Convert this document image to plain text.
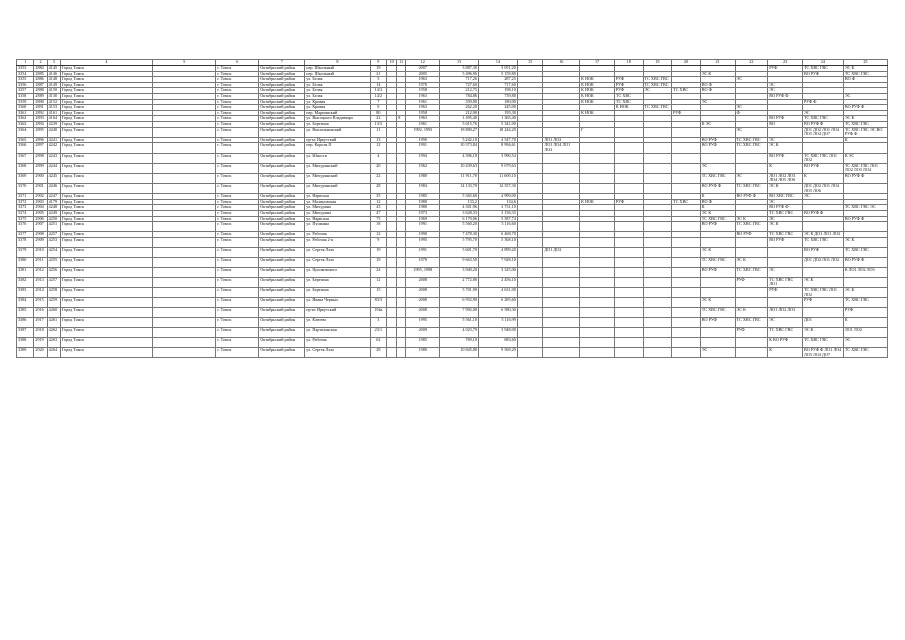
1	2	3	4	5	6	7	8	9	10	11	12	13	14	15	16	17	18	19	20	21	22	23	24	25
3353	2884	4145	Город Томск		г. Томск	Октябрьский район	пер. Школьный	19			2007	3 887,30	3 051,20									РУФ	ТС ХВС ГВС	ЭС К
3354	2885	4146	Город Томск		г. Томск	Октябрьский район	пер. Школьный	21			2005	5 496,96	5 159,80							ЭС К			ВО РУФ	ТС ХВС ГВС
3355	2886	4148	Город Томск		г. Томск	Октябрьский район	ул. Белая	5			1963	717,26	287,25			К НОК	РУФ	ТС ХВС ГВС			ЭС			ВО Ф
3356	2887	4149	Город Томск		г. Томск	Октябрьский район	ул. Белая	14			1970	727,60	717,60			К НОК	РУФ	ТС ХВС ГВС		ВО Ф		ЭС		
3357	2888	4150	Город Томск		г. Томск	Октябрьский район	ул. Белая	14/3			1958	212,75	198,10			К НОК	РУФ	ЭС	ТС ХВС	ВО Ф		ЭС		
3358	2889	4130	Город Томск		г. Томск	Октябрьский район	ул. Белая	14/2			1963	784,86	739,80			К НОК	ТС ХВС					ВО РУФ Ф		ЭС
3359	2890	4152	Город Томск		г. Томск	Октябрьский район	ул. Кривая	7			1961	359,80	180,00			К НОК	ТС ХВС			ЭС			РУФ Ф	
3360	2891	4153	Город Томск		г. Томск	Октябрьский район	ул. Кривая	9			1963	262,20	245,00				К НОК	ТС ХВС ГВС			ЭС			ВО РУФ Ф
3361	2892	4161	Город Томск		г. Томск	Октябрьский район	пер. Мариинский	80			1958	212,90	195,30			К НОК			РУФ		Ф		ЭС	
3362	2893	4164	Город Томск		г. Томск	Октябрьский район	ул. Высоцкого Владимира	22		8	1963	1 495,40	1 365,40									ВО РУФ	ТС ХВС ГВС	ЭС К
3363	2894	4239	Город Томск		г. Томск	Октябрьский район	ул. Березина	13/3			1961	5 615,76	5 341,00							К ЭС		ВО	ВО РУФ Ф	ТС ХВС ГВС
3364	2895	4240	Город Томск		г. Томск	Октябрьский район	ул. Вокзальновский	11			1992, 1993	18 800,27	18 244,29			Г					ЭС		ДО1 ДО2 ЛО1 ЛО4 ЛО5 ЛО4 ДО7	ТС ХВС ГВС ЭС ВО РУФ Ф
3365	2896	4241	Город Томск		г. Томск	Октябрьский район	пр-кт Иркутский	13			1990	5 242,10	4 547,70		ЛО1 ЛО2					ВО РУФ	ТС ХВС ГВС	ЭС		К
3366	2897	4242	Город Томск		г. Томск	Октябрьский район	пер. Короля II	12			1991	10 373,84	8 994,61		ЛО1 ЛО4 ЛО1 ЛО2					ВО РУФ	ТС ХВС ГВС	ЭС К		
3367	2898	4243	Город Томск		г. Томск	Октябрьский район	ул. Юности	4			1994	4 396,18	3 990,54									ВО РУФ	ТС ХВС ГВС ЛО1 ЛО2	К ЭС
3368	2899	4244	Город Томск		г. Томск	Октябрьский район	ул. Мичуринский	20			1962	10 439,63	9 079,63							ЭС		К	ВО РУФ	ТС ХВС ГВС ЛО1 ЛО2 ЛО3 ЛО4
3369	2900	4245	Город Томск		г. Томск	Октябрьский район	ул. Мичуринский	22			1980	11 911,70	11 600,10							ТС ХВС ГВС	ЭС	ЛО1 ЛО2 ЛО3 ЛО4 ЛО5 ЛО6	К	ВО РУФ Ф
3370	2901	4246	Город Томск		г. Томск	Октябрьский район	ул. Мичуринский	28			1984	14 133,70	12 357,30							ВО РУФ Ф	ТС ХВС ГВС	ЭС К	ДО1 ДО2 ЛО1 ЛО4 ЛО5 ЛО6	
3371	2902	4247	Город Томск		г. Томск	Октябрьский район	ул. Нарвская	35			1985	5 365,60	4 999,00							К	ВО РУФ Ф	ВО ХВС ГВС	ЭС	
3372	2903	4179	Город Томск		г. Томск	Октябрьский район	ул. Малиновская	12			1980	133,2	134,6			К НОК	РУФ		ТС ХВС	ВО Ф		ЭС		
3373	2904	4248	Город Томск		г. Томск	Октябрьский район	ул. Мичурина	43			1980	4 301,96	3 731,10							К		ВО РУФ Ф		ТС ХВС ГВС ЭС
3374	2905	4249	Город Томск		г. Томск	Октябрьский район	ул. Мичурина	47			1973	3 628,33	3 156,33							ЭС К		ТС ХВС ГВС	ВО РУФ Ф	
3375	2906	4250	Город Томск		г. Томск	Октябрьский район	ул. Нарвская	75			1969	6 170,06	5 587,74							ТС ХВС ГВС	ЭС К	ЛС		ВО РУФ Ф
3376	2907	4251	Город Томск		г. Томск	Октябрьский район	ул. Пушкина	18			1991	5 560,20	5 116,60							ВО РУФ	ТС ХВС ГВС	ЭС К		
3377	2908	4257	Город Томск		г. Томск	Октябрьский район	ул. Рабочая	12			1990	7 478,30	6 468,70								ВО РУФ	ТС ХВС ГВС	ЭС К ДО1 ЛО1 ЛО2	
3378	2909	4253	Город Томск		г. Томск	Октябрьский район	ул. Рабочая 2-я	9			1995	5 795,70	5 368,10									ВО РУФ	ТС ХВС ГВС	ЭС К
3379	2910	4254	Город Томск		г. Томск	Октябрьский район	ул. Сергея Лазо	19			1991	5 601,70	4 899,20		ДО1 ДО2					ЭС К			ВО РУФ	ТС ХВС ГВС
3380	2911	4255	Город Томск		г. Томск	Октябрьский район	ул. Сергея Лазо	18			1979	9 663,50	7 928,10							ТС ХВС ГВС	ЭС К		ДО1 ДО2 ЛО1 ЛО2	ВО РУФ Ф
3381	2912	4256	Город Томск		г. Томск	Октябрьский район	ул. Циолковского	24			1995, 1998	3 940,20	3 325,00							ВО РУФ	ТС ХВС ГВС	ЭС		К ЛО1 ЛО2 ЛО3
3382	2913	4257	Город Томск		г. Томск	Октябрьский район	ул. Березина	12			2008	2 772,80	2 456,10								РУФ	ТС ХВС ГВС ЛО1	ЭС К	
3383	2914	4258	Город Томск		г. Томск	Октябрьский район	ул. Березина	15			2008	5 701,90	4 631,00									РУФ	ТС ХВС ГВС ЛО1 ЛО2	ЭС К
3384	2915	4259	Город Томск		г. Томск	Октябрьский район	ул. Ивана Черных	83/3			2008	6 952,90	6 285,60							ЭС К			РУФ	ТС ХВС ГВС
3385	2916	4260	Город Томск		г. Томск	Октябрьский район	пр-кт Иркутский	194а			2008	7 992,00	6 580,30							ТС ХВС ГВС	ЭС К	ЛО1 ЛО2 ЛО3		РУФ
3386	2917	4261	Город Томск		г. Томск	Октябрьский район	ул. Клюева	3			1995	5 561,10	5 116,99							ВО РУФ	ТС ХВС ГВС	ЭС	ДО1	К
3387	2918	4262	Город Томск		г. Томск	Октябрьский район	ул. Партизанская	23/1			2009	4 023,79	3 948,00								РУФ	ТС ХВС ГВС	ЭС К	ЛО1 ЛО2
3388	2919	4263	Город Томск		г. Томск	Октябрьский район	ул. Рабочая	62			1985	769,10	683,60									К ВО РУФ	ТС ХВС ГВС	ЭС
3389	2920	4264	Город Томск		г. Томск	Октябрьский район	ул. Сергея Лазо	28			1980	10 845,80	9 569,29							ЭС		К	ВО РУФ Ф ЛО1 ЛО4 ЛО5 ЛО4 ДО7	ТС ХВС ГВС
